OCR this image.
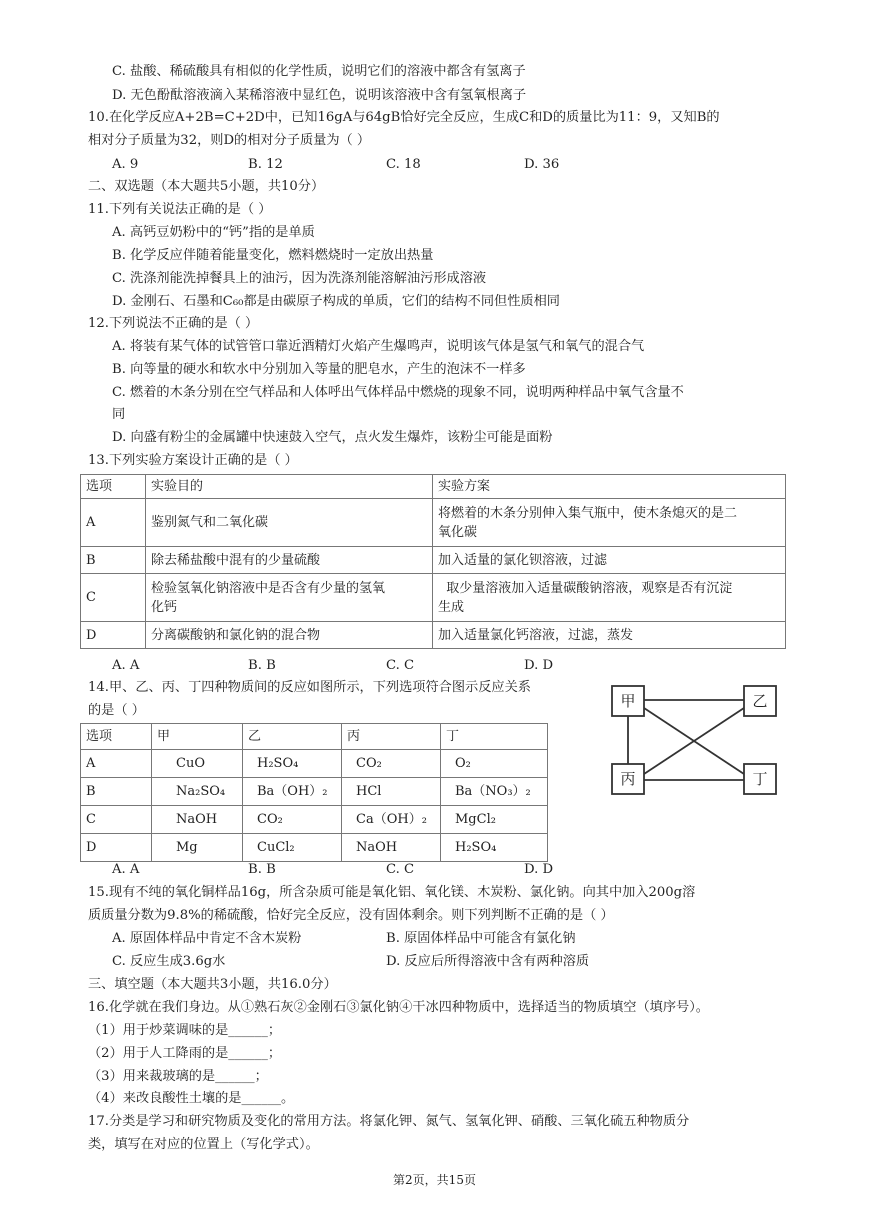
C. 盐酸、稀硫酸具有相似的化学性质，说明它们的溶液中都含有氢离子
D. 无色酚酞溶液滴入某稀溶液中显红色，说明该溶液中含有氢氧根离子
10.在化学反应A+2B=C+2D中，已知16gA与64gB恰好完全反应，生成C和D的质量比为11：9，又知B的
相对分子质量为32，则D的相对分子质量为（ ）
A. 9	B. 12	C. 18	D. 36
二、双选题（本大题共5小题，共10分）
11.下列有关说法正确的是（ ）
A. 高钙豆奶粉中的“钙”指的是单质
B. 化学反应伴随着能量变化，燃料燃烧时一定放出热量
C. 洗涤剂能洗掉餐具上的油污，因为洗涤剂能溶解油污形成溶液
D. 金刚石、石墨和C₆₀都是由碳原子构成的单质，它们的结构不同但性质相同
12.下列说法不正确的是（ ）
A. 将装有某气体的试管管口靠近酒精灯火焰产生爆鸣声，说明该气体是氢气和氧气的混合气
B. 向等量的硬水和软水中分别加入等量的肥皂水，产生的泡沫不一样多
C. 燃着的木条分别在空气样品和人体呼出气体样品中燃烧的现象不同，说明两种样品中氧气含量不
同
D. 向盛有粉尘的金属罐中快速鼓入空气，点火发生爆炸，该粉尘可能是面粉
13.下列实验方案设计正确的是（ ）
选项	实验目的	实验方案
A	鉴别氮气和二氧化碳	将燃着的木条分别伸入集气瓶中，使木条熄灭的是二
氧化碳
B	除去稀盐酸中混有的少量硫酸	加入适量的氯化钡溶液，过滤
C	检验氢氧化钠溶液中是否含有少量的氢氧
化钙	取少量溶液加入适量碳酸钠溶液，观察是否有沉淀
生成
D	分离碳酸钠和氯化钠的混合物	加入适量氯化钙溶液，过滤，蒸发
A. A	B. B	C. C	D. D
14.甲、乙、丙、丁四种物质间的反应如图所示，下列选项符合图示反应关系
的是（ ）
选项	甲	乙	丙	丁
A	CuO	H₂SO₄	CO₂	O₂
B	Na₂SO₄	Ba（OH）₂	HCl	Ba（NO₃）₂
C	NaOH	CO₂	Ca（OH）₂	MgCl₂
D	Mg	CuCl₂	NaOH	H₂SO₄
甲	乙
丙	丁
A. A	B. B	C. C	D. D
15.现有不纯的氧化铜样品16g，所含杂质可能是氧化铝、氧化镁、木炭粉、氯化钠。向其中加入200g溶
质质量分数为9.8%的稀硫酸，恰好完全反应，没有固体剩余。则下列判断不正确的是（ ）
A. 原固体样品中肯定不含木炭粉	B. 原固体样品中可能含有氯化钠
C. 反应生成3.6g水	D. 反应后所得溶液中含有两种溶质
三、填空题（本大题共3小题，共16.0分）
16.化学就在我们身边。从①熟石灰②金刚石③氯化钠④干冰四种物质中，选择适当的物质填空（填序号）。
（1）用于炒菜调味的是______；
（2）用于人工降雨的是______；
（3）用来裁玻璃的是______；
（4）来改良酸性土壤的是______。
17.分类是学习和研究物质及变化的常用方法。将氯化钾、氮气、氢氧化钾、硝酸、三氧化硫五种物质分
类，填写在对应的位置上（写化学式）。
第2页，共15页
